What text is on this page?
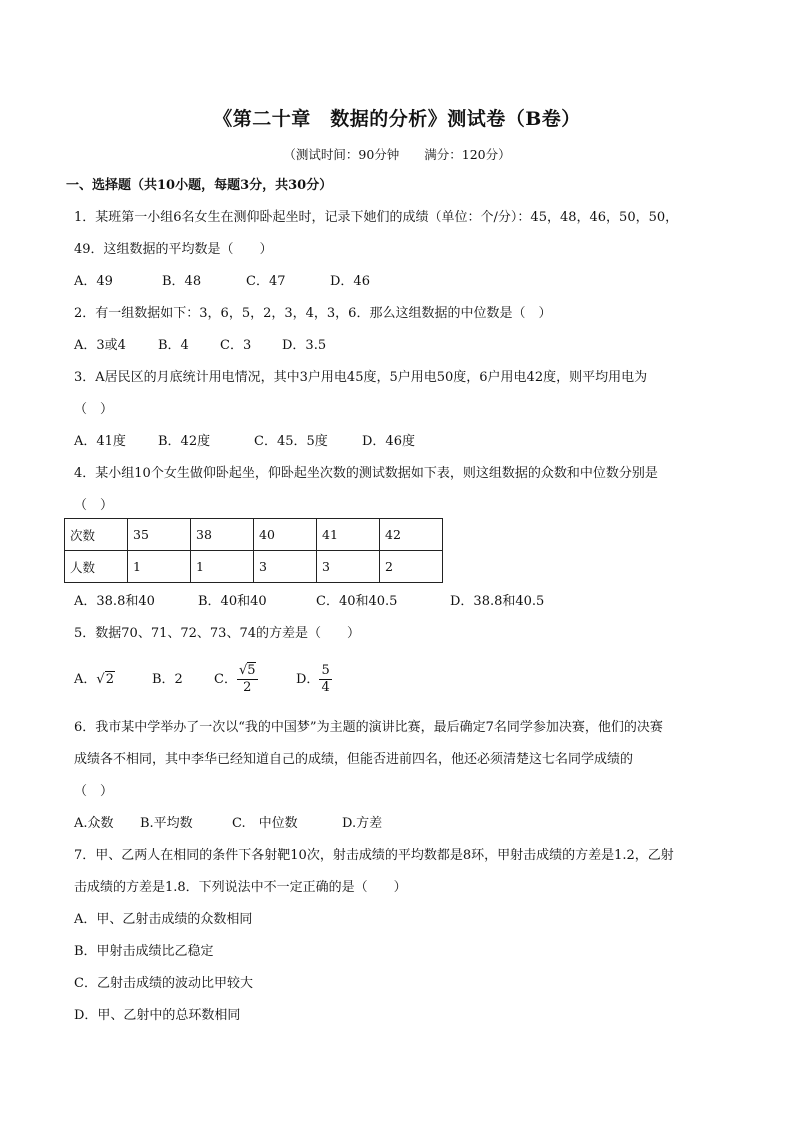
《第二十章　数据的分析》测试卷（B卷）
（测试时间：90分钟　　满分：120分）
一、选择题（共10小题，每题3分，共30分）
1．某班第一小组6名女生在测仰卧起坐时，记录下她们的成绩（单位：个/分）：45，48，46，50，50，
49．这组数据的平均数是（　　）
A．49	B．48	C．47	D．46
2．有一组数据如下：3，6，5，2，3，4，3，6．那么这组数据的中位数是（　）
A．3或4 B．4 C．3 D．3.5
3．A居民区的月底统计用电情况，其中3户用电45度，5户用电50度，6户用电42度，则平均用电为
（　）
A．41度 B．42度	C．45．5度	D．46度
4．某小组10个女生做仰卧起坐，仰卧起坐次数的测试数据如下表，则这组数据的众数和中位数分别是
（　）
次数	35	38	40	41	42
人数	1	1	3	3	2
A．38.8和40	B．40和40	C．40和40.5	D．38.8和40.5
5．数据70、71、72、73、74的方差是（　　）
A．√2	B．2 C． $\frac{√5}{2}$	D． $\frac{5}{4}$
6．我市某中学举办了一次以“我的中国梦”为主题的演讲比赛，最后确定7名同学参加决赛，他们的决赛
成绩各不相同，其中李华已经知道自己的成绩，但能否进前四名，他还必须清楚这七名同学成绩的
（　）
A.众数 B.平均数	C.　中位数	D.方差
7．甲、乙两人在相同的条件下各射靶10次，射击成绩的平均数都是8环，甲射击成绩的方差是1.2，乙射
击成绩的方差是1.8．下列说法中不一定正确的是（　　）
A．甲、乙射击成绩的众数相同
B．甲射击成绩比乙稳定
C．乙射击成绩的波动比甲较大
D．甲、乙射中的总环数相同
